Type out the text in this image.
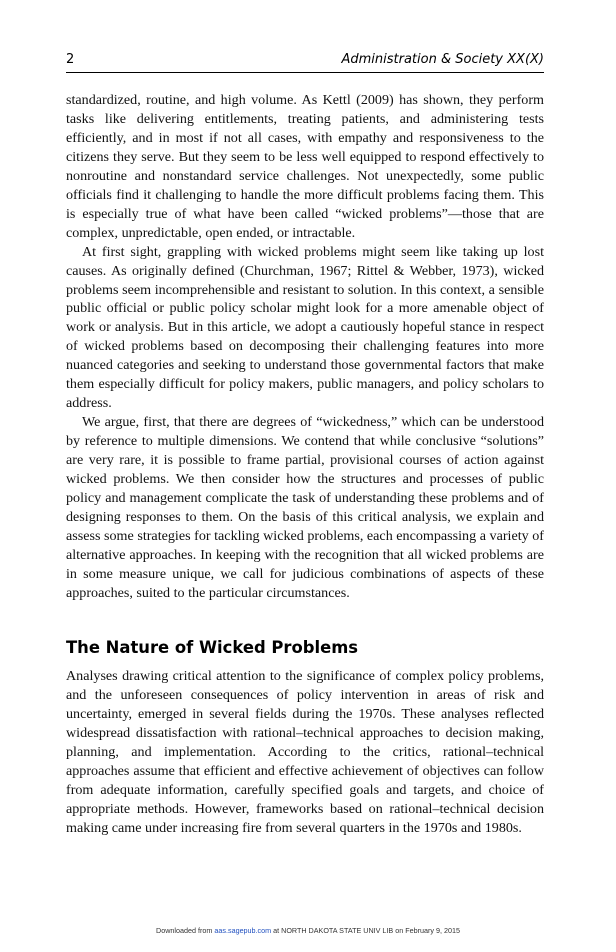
2	Administration & Society XX(X)

standardized, routine, and high volume. As Kettl (2009) has shown, they perform tasks like delivering entitlements, treating patients, and administering tests efficiently, and in most if not all cases, with empathy and responsiveness to the citizens they serve. But they seem to be less well equipped to respond effectively to nonroutine and nonstandard service challenges. Not unexpectedly, some public officials find it challenging to handle the more difficult problems facing them. This is especially true of what have been called “wicked problems”—those that are complex, unpredictable, open ended, or intractable.

At first sight, grappling with wicked problems might seem like taking up lost causes. As originally defined (Churchman, 1967; Rittel & Webber, 1973), wicked problems seem incomprehensible and resistant to solution. In this context, a sensible public official or public policy scholar might look for a more amenable object of work or analysis. But in this article, we adopt a cautiously hopeful stance in respect of wicked problems based on decomposing their challenging features into more nuanced categories and seeking to understand those governmental factors that make them especially difficult for policy makers, public managers, and policy scholars to address.

We argue, first, that there are degrees of “wickedness,” which can be understood by reference to multiple dimensions. We contend that while conclusive “solutions” are very rare, it is possible to frame partial, provisional courses of action against wicked problems. We then consider how the structures and processes of public policy and management complicate the task of understanding these problems and of designing responses to them. On the basis of this critical analysis, we explain and assess some strategies for tackling wicked problems, each encompassing a variety of alternative approaches. In keeping with the recognition that all wicked problems are in some measure unique, we call for judicious combinations of aspects of these approaches, suited to the particular circumstances.

The Nature of Wicked Problems

Analyses drawing critical attention to the significance of complex policy problems, and the unforeseen consequences of policy intervention in areas of risk and uncertainty, emerged in several fields during the 1970s. These analyses reflected widespread dissatisfaction with rational–technical approaches to decision making, planning, and implementation. According to the critics, rational–technical approaches assume that efficient and effective achievement of objectives can follow from adequate information, carefully specified goals and targets, and choice of appropriate methods. However, frameworks based on rational–technical decision making came under increasing fire from several quarters in the 1970s and 1980s.

Downloaded from aas.sagepub.com at NORTH DAKOTA STATE UNIV LIB on February 9, 2015
